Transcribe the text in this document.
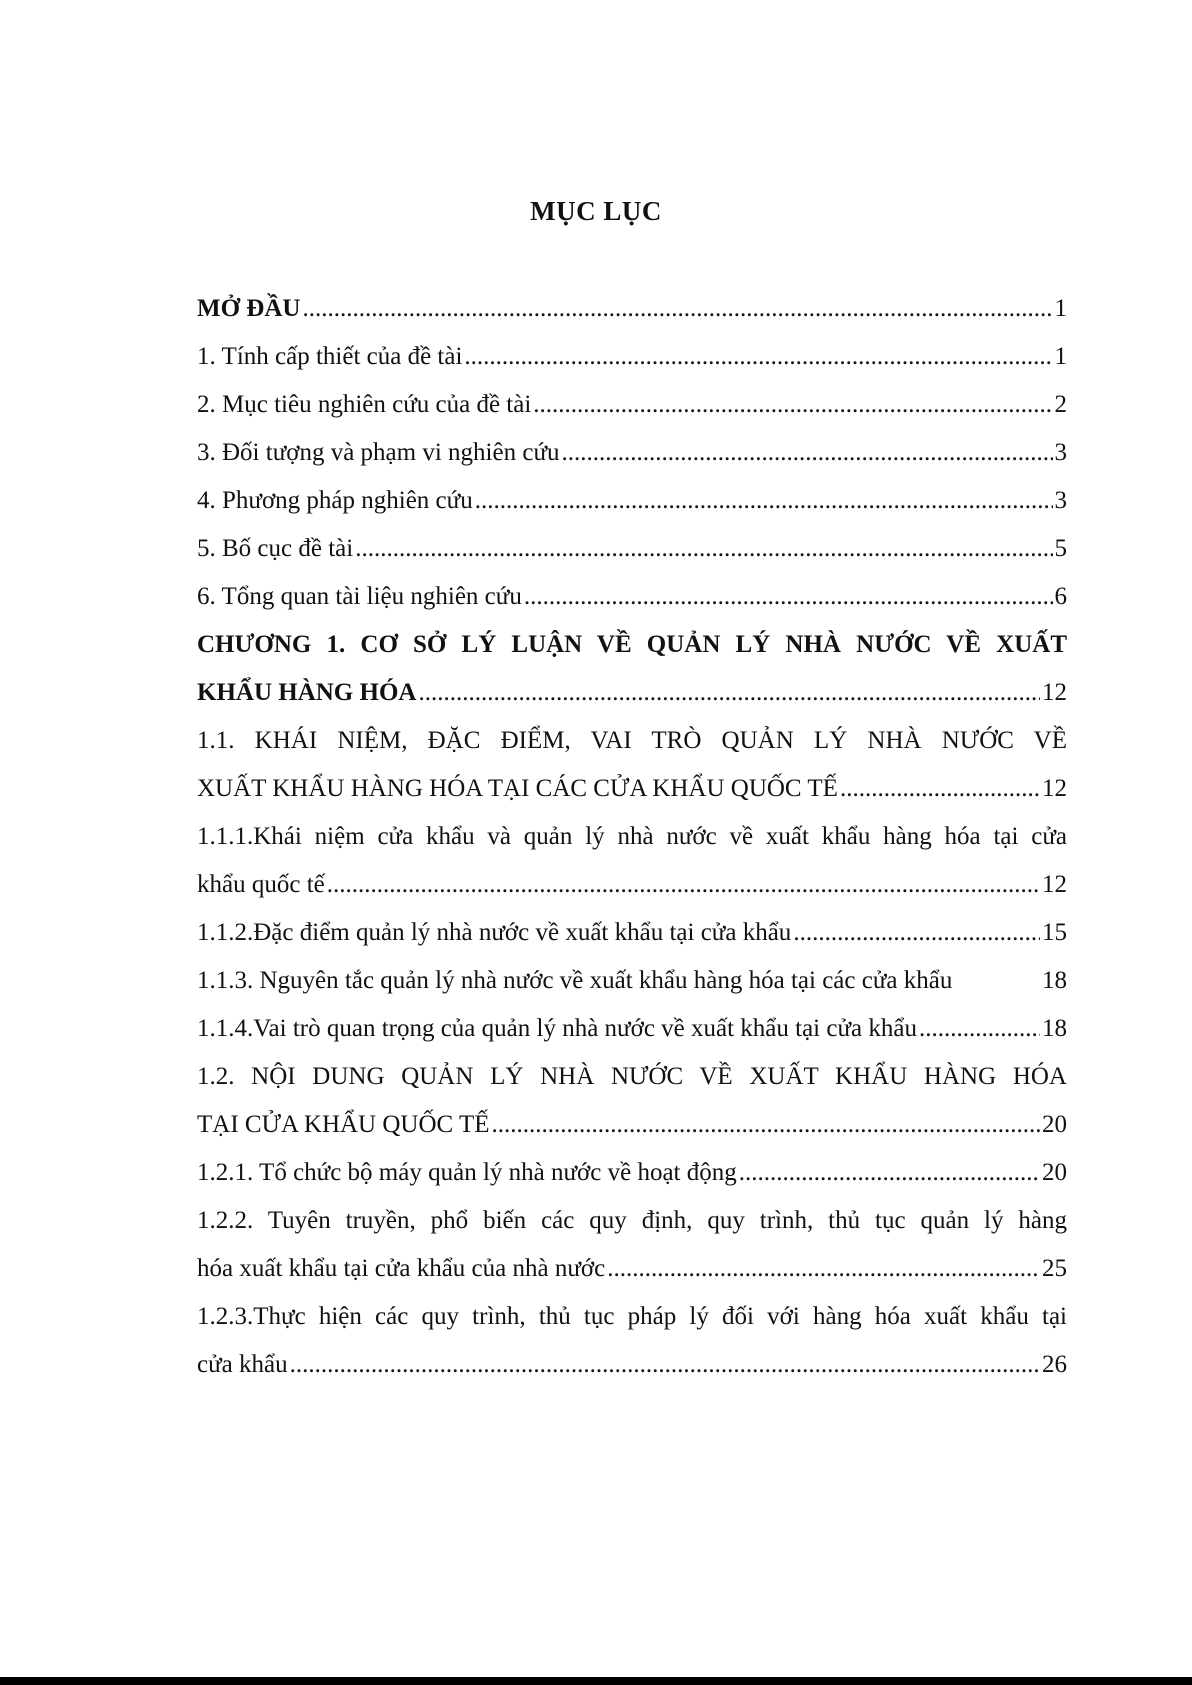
MỤC LỤC
MỞ ĐẦU .....	1
1. Tính cấp thiết của đề tài .....	1
2. Mục tiêu nghiên cứu của đề tài .....	2
3. Đối tượng và phạm vi nghiên cứu .....	3
4. Phương pháp nghiên cứu .....	3
5. Bố cục đề tài .....	5
6. Tổng quan tài liệu nghiên cứu .....	6
CHƯƠNG 1. CƠ SỞ LÝ LUẬN VỀ QUẢN LÝ NHÀ NƯỚC VỀ XUẤT
KHẨU HÀNG HÓA .....	12
1.1. KHÁI NIỆM, ĐẶC ĐIỂM, VAI TRÒ QUẢN LÝ NHÀ NƯỚC VỀ
XUẤT KHẨU HÀNG HÓA TẠI CÁC CỬA KHẨU QUỐC TẾ .....	12
1.1.1.Khái niệm cửa khẩu và quản lý nhà nước về xuất khẩu hàng hóa tại cửa
khẩu quốc tế .....	12
1.1.2.Đặc điểm quản lý nhà nước về xuất khẩu tại cửa khẩu .....	15
1.1.3. Nguyên tắc quản lý nhà nước về xuất khẩu hàng hóa tại các cửa khẩu	18
1.1.4.Vai trò quan trọng của quản lý nhà nước về xuất khẩu tại cửa khẩu .....	18
1.2. NỘI DUNG QUẢN LÝ NHÀ NƯỚC VỀ XUẤT KHẨU HÀNG HÓA
TẠI CỬA KHẨU QUỐC TẾ .....	20
1.2.1. Tổ chức bộ máy quản lý nhà nước về hoạt động .....	20
1.2.2. Tuyên truyền, phổ biến các quy định, quy trình, thủ tục quản lý hàng
hóa xuất khẩu tại cửa khẩu của nhà nước .....	25
1.2.3.Thực hiện các quy trình, thủ tục pháp lý đối với hàng hóa xuất khẩu tại
cửa khẩu .....	26
